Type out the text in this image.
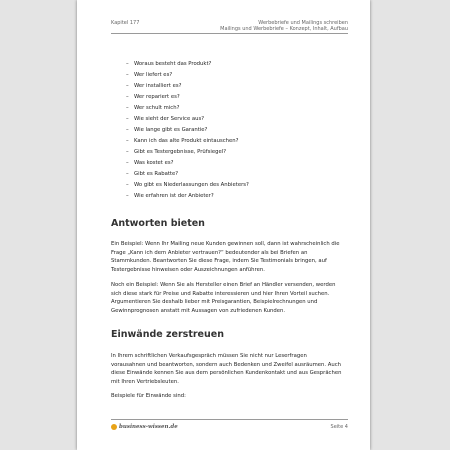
Kapitel 177	Werbebriefe und Mailings schreiben
Mailings und Werbebriefe – Konzept, Inhalt, Aufbau
– Woraus besteht das Produkt?
– Wer liefert es?
– Wer installiert es?
– Wer repariert es?
– Wer schult mich?
– Wie sieht der Service aus?
– Wie lange gibt es Garantie?
– Kann ich das alte Produkt eintauschen?
– Gibt es Testergebnisse, Prüfsiegel?
– Was kostet es?
– Gibt es Rabatte?
– Wo gibt es Niederlassungen des Anbieters?
– Wie erfahren ist der Anbieter?
Antworten bieten
Ein Beispiel: Wenn Ihr Mailing neue Kunden gewinnen soll, dann ist wahrscheinlich die
Frage „Kann ich dem Anbieter vertrauen?“ bedeutender als bei Briefen an
Stammkunden. Beantworten Sie diese Frage, indem Sie Testimonials bringen, auf
Testergebnisse hinweisen oder Auszeichnungen anführen.
Noch ein Beispiel: Wenn Sie als Hersteller einen Brief an Händler versenden, werden
sich diese stark für Preise und Rabatte interessieren und hier Ihren Vorteil suchen.
Argumentieren Sie deshalb lieber mit Preisgarantien, Beispielrechnungen und
Gewinnprognosen anstatt mit Aussagen von zufriedenen Kunden.
Einwände zerstreuen
In Ihrem schriftlichen Verkaufsgespräch müssen Sie nicht nur Leserfragen
vorausahnen und beantworten, sondern auch Bedenken und Zweifel ausräumen. Auch
diese Einwände kennen Sie aus dem persönlichen Kundenkontakt und aus Gesprächen
mit Ihren Vertriebsleuten.
Beispiele für Einwände sind:
business-wissen.de	Seite 4
